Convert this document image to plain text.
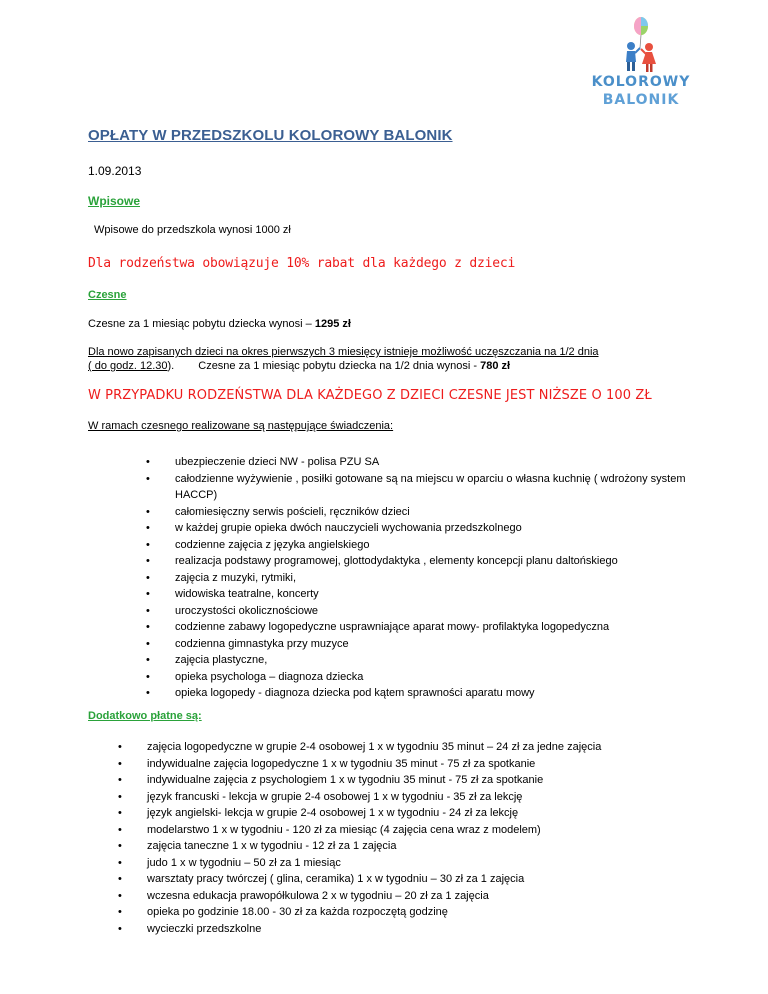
KOLOROWY
BALONIK
OPŁATY W PRZEDSZKOLU KOLOROWY BALONIK
1.09.2013
Wpisowe
Wpisowe do przedszkola wynosi 1000 zł
Dla rodzeństwa obowiązuje 10% rabat dla każdego z dzieci
Czesne
Czesne za 1 miesiąc pobytu dziecka wynosi – 1295 zł
Dla nowo zapisanych dzieci na okres pierwszych 3 miesięcy istnieje możliwość uczęszczania na 1/2 dnia
( do godz. 12.30). Czesne za 1 miesiąc pobytu dziecka na 1/2 dnia wynosi - 780 zł
W PRZYPADKU RODZEŃSTWA DLA KAŻDEGO Z DZIECI CZESNE JEST NIŻSZE O 100 ZŁ
W ramach czesnego realizowane są następujące świadczenia:
• ubezpieczenie dzieci NW - polisa PZU SA
• całodzienne wyżywienie , posiłki gotowane są na miejscu w oparciu o własna kuchnię ( wdrożony system HACCP)
• całomiesięczny serwis pościeli, ręczników dzieci
• w każdej grupie opieka dwóch nauczycieli wychowania przedszkolnego
• codzienne zajęcia z języka angielskiego
• realizacja podstawy programowej, glottodydaktyka , elementy koncepcji planu daltońskiego
• zajęcia z muzyki, rytmiki,
• widowiska teatralne, koncerty
• uroczystości okolicznościowe
• codzienne zabawy logopedyczne usprawniające aparat mowy- profilaktyka logopedyczna
• codzienna gimnastyka przy muzyce
• zajęcia plastyczne,
• opieka psychologa – diagnoza dziecka
• opieka logopedy - diagnoza dziecka pod kątem sprawności aparatu mowy
Dodatkowo płatne są:
• zajęcia logopedyczne w grupie 2-4 osobowej 1 x w tygodniu 35 minut – 24 zł za jedne zajęcia
• indywidualne zajęcia logopedyczne 1 x w tygodniu 35 minut - 75 zł za spotkanie
• indywidualne zajęcia z psychologiem 1 x w tygodniu 35 minut - 75 zł za spotkanie
• język francuski - lekcja w grupie 2-4 osobowej 1 x w tygodniu - 35 zł za lekcję
• język angielski- lekcja w grupie 2-4 osobowej 1 x w tygodniu - 24 zł za lekcję
• modelarstwo 1 x w tygodniu - 120 zł za miesiąc (4 zajęcia cena wraz z modelem)
• zajęcia taneczne 1 x w tygodniu - 12 zł za 1 zajęcia
• judo 1 x w tygodniu – 50 zł za 1 miesiąc
• warsztaty pracy twórczej ( glina, ceramika) 1 x w tygodniu – 30 zł za 1 zajęcia
• wczesna edukacja prawopółkulowa 2 x w tygodniu – 20 zł za 1 zajęcia
• opieka po godzinie 18.00 - 30 zł za każda rozpoczętą godzinę
• wycieczki przedszkolne
